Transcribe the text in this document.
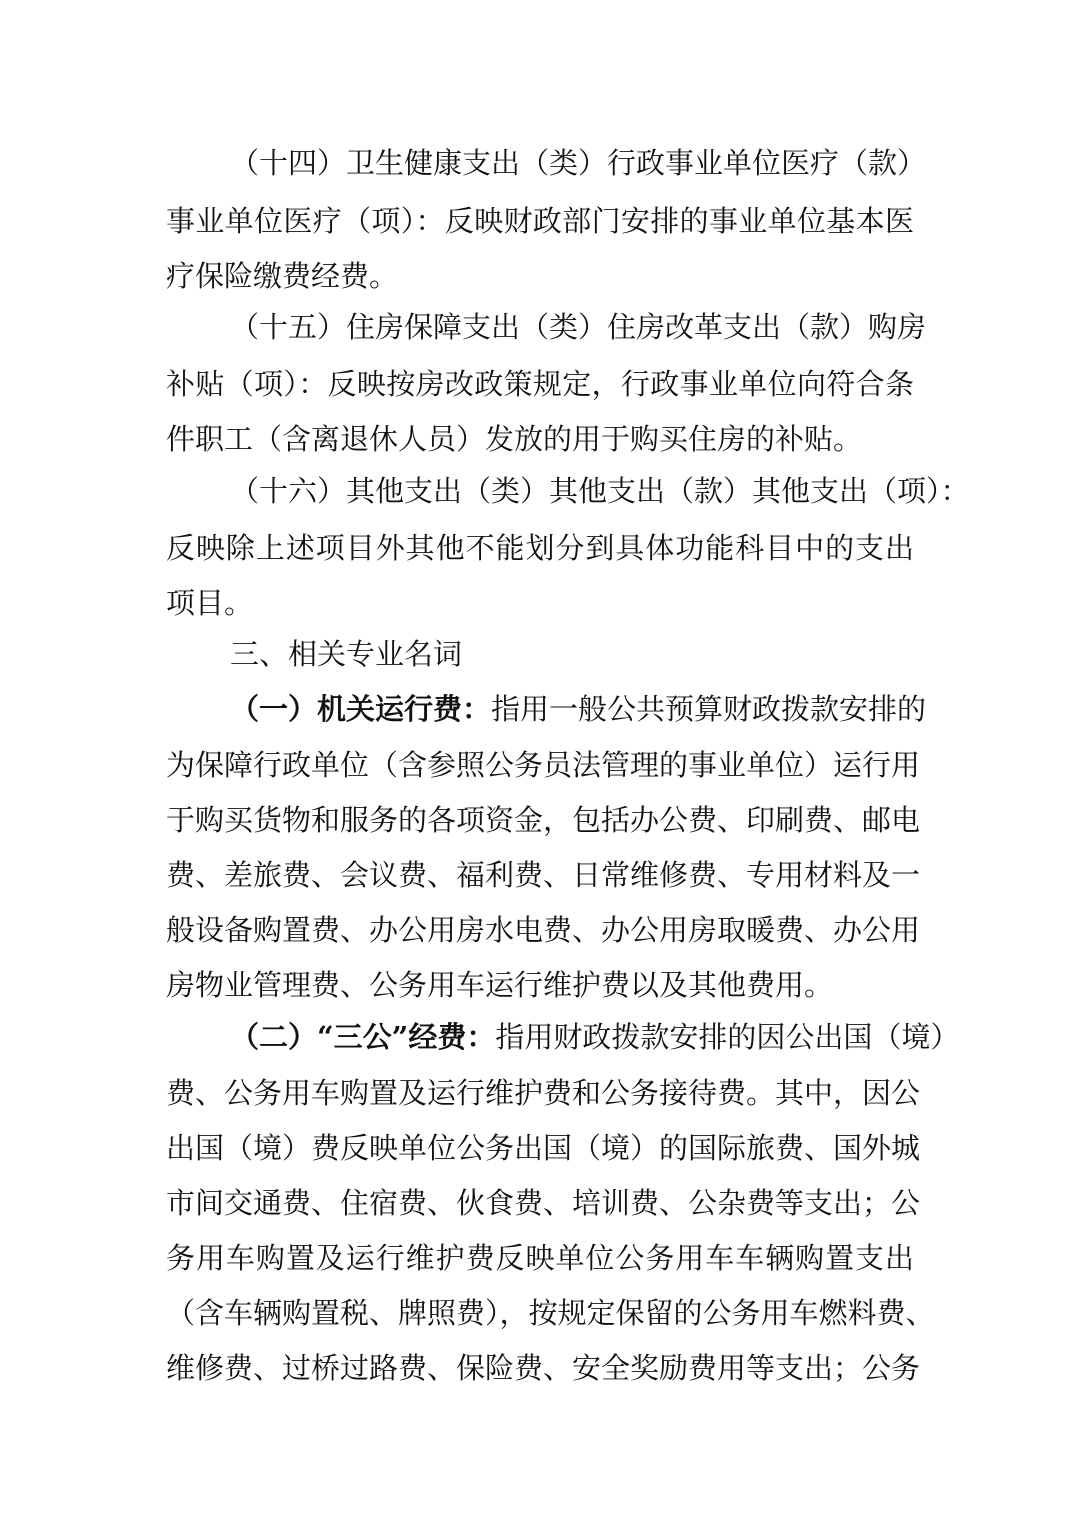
（十四）卫生健康支出（类）行政事业单位医疗（款）
事业单位医疗（项）：反映财政部门安排的事业单位基本医
疗保险缴费经费。
（十五）住房保障支出（类）住房改革支出（款）购房
补贴（项）：反映按房改政策规定，行政事业单位向符合条
件职工（含离退休人员）发放的用于购买住房的补贴。
（十六）其他支出（类）其他支出（款）其他支出（项）：
反映除上述项目外其他不能划分到具体功能科目中的支出
项目。
三、相关专业名词
（一）机关运行费：指用一般公共预算财政拨款安排的
为保障行政单位（含参照公务员法管理的事业单位）运行用
于购买货物和服务的各项资金，包括办公费、印刷费、邮电
费、差旅费、会议费、福利费、日常维修费、专用材料及一
般设备购置费、办公用房水电费、办公用房取暖费、办公用
房物业管理费、公务用车运行维护费以及其他费用。
（二）“三公”经费：指用财政拨款安排的因公出国（境）
费、公务用车购置及运行维护费和公务接待费。其中，因公
出国（境）费反映单位公务出国（境）的国际旅费、国外城
市间交通费、住宿费、伙食费、培训费、公杂费等支出；公
务用车购置及运行维护费反映单位公务用车车辆购置支出
（含车辆购置税、牌照费），按规定保留的公务用车燃料费、
维修费、过桥过路费、保险费、安全奖励费用等支出；公务
